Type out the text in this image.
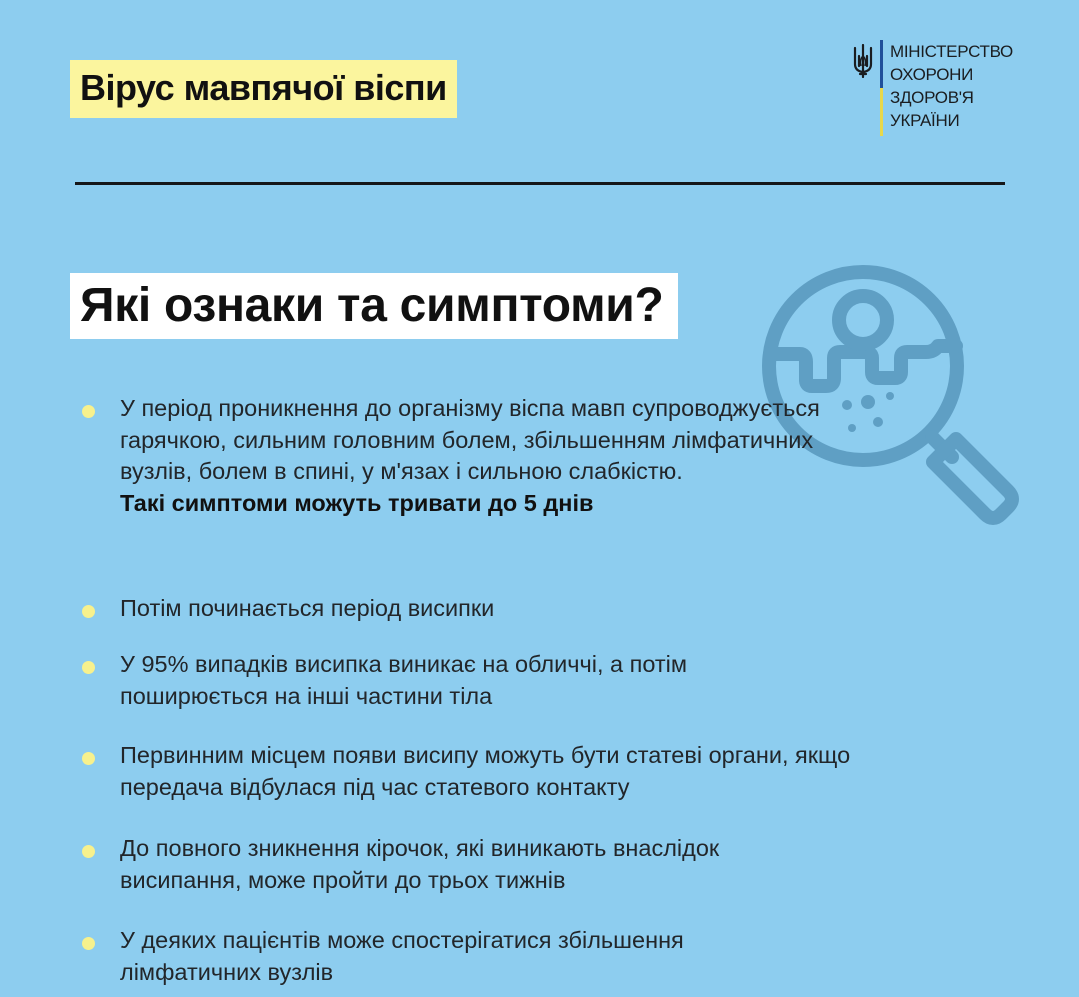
Вірус мавпячої віспи
МІНІСТЕРСТВО
ОХОРОНИ
ЗДОРОВ'Я
УКРАЇНИ
Які ознаки та симптоми?
У період проникнення до організму віспа мавп супроводжується гарячкою, сильним головним болем, збільшенням лімфатичних вузлів, болем в спині, у м'язах і сильною слабкістю.
Такі симптоми можуть тривати до 5 днів
Потім починається період висипки
У 95% випадків висипка виникає на обличчі, а потім поширюється на інші частини тіла
Первинним місцем появи висипу можуть бути статеві органи, якщо передача відбулася під час статевого контакту
До повного зникнення кірочок, які виникають внаслідок висипання, може пройти до трьох тижнів
У деяких пацієнтів може спостерігатися збільшення лімфатичних вузлів
